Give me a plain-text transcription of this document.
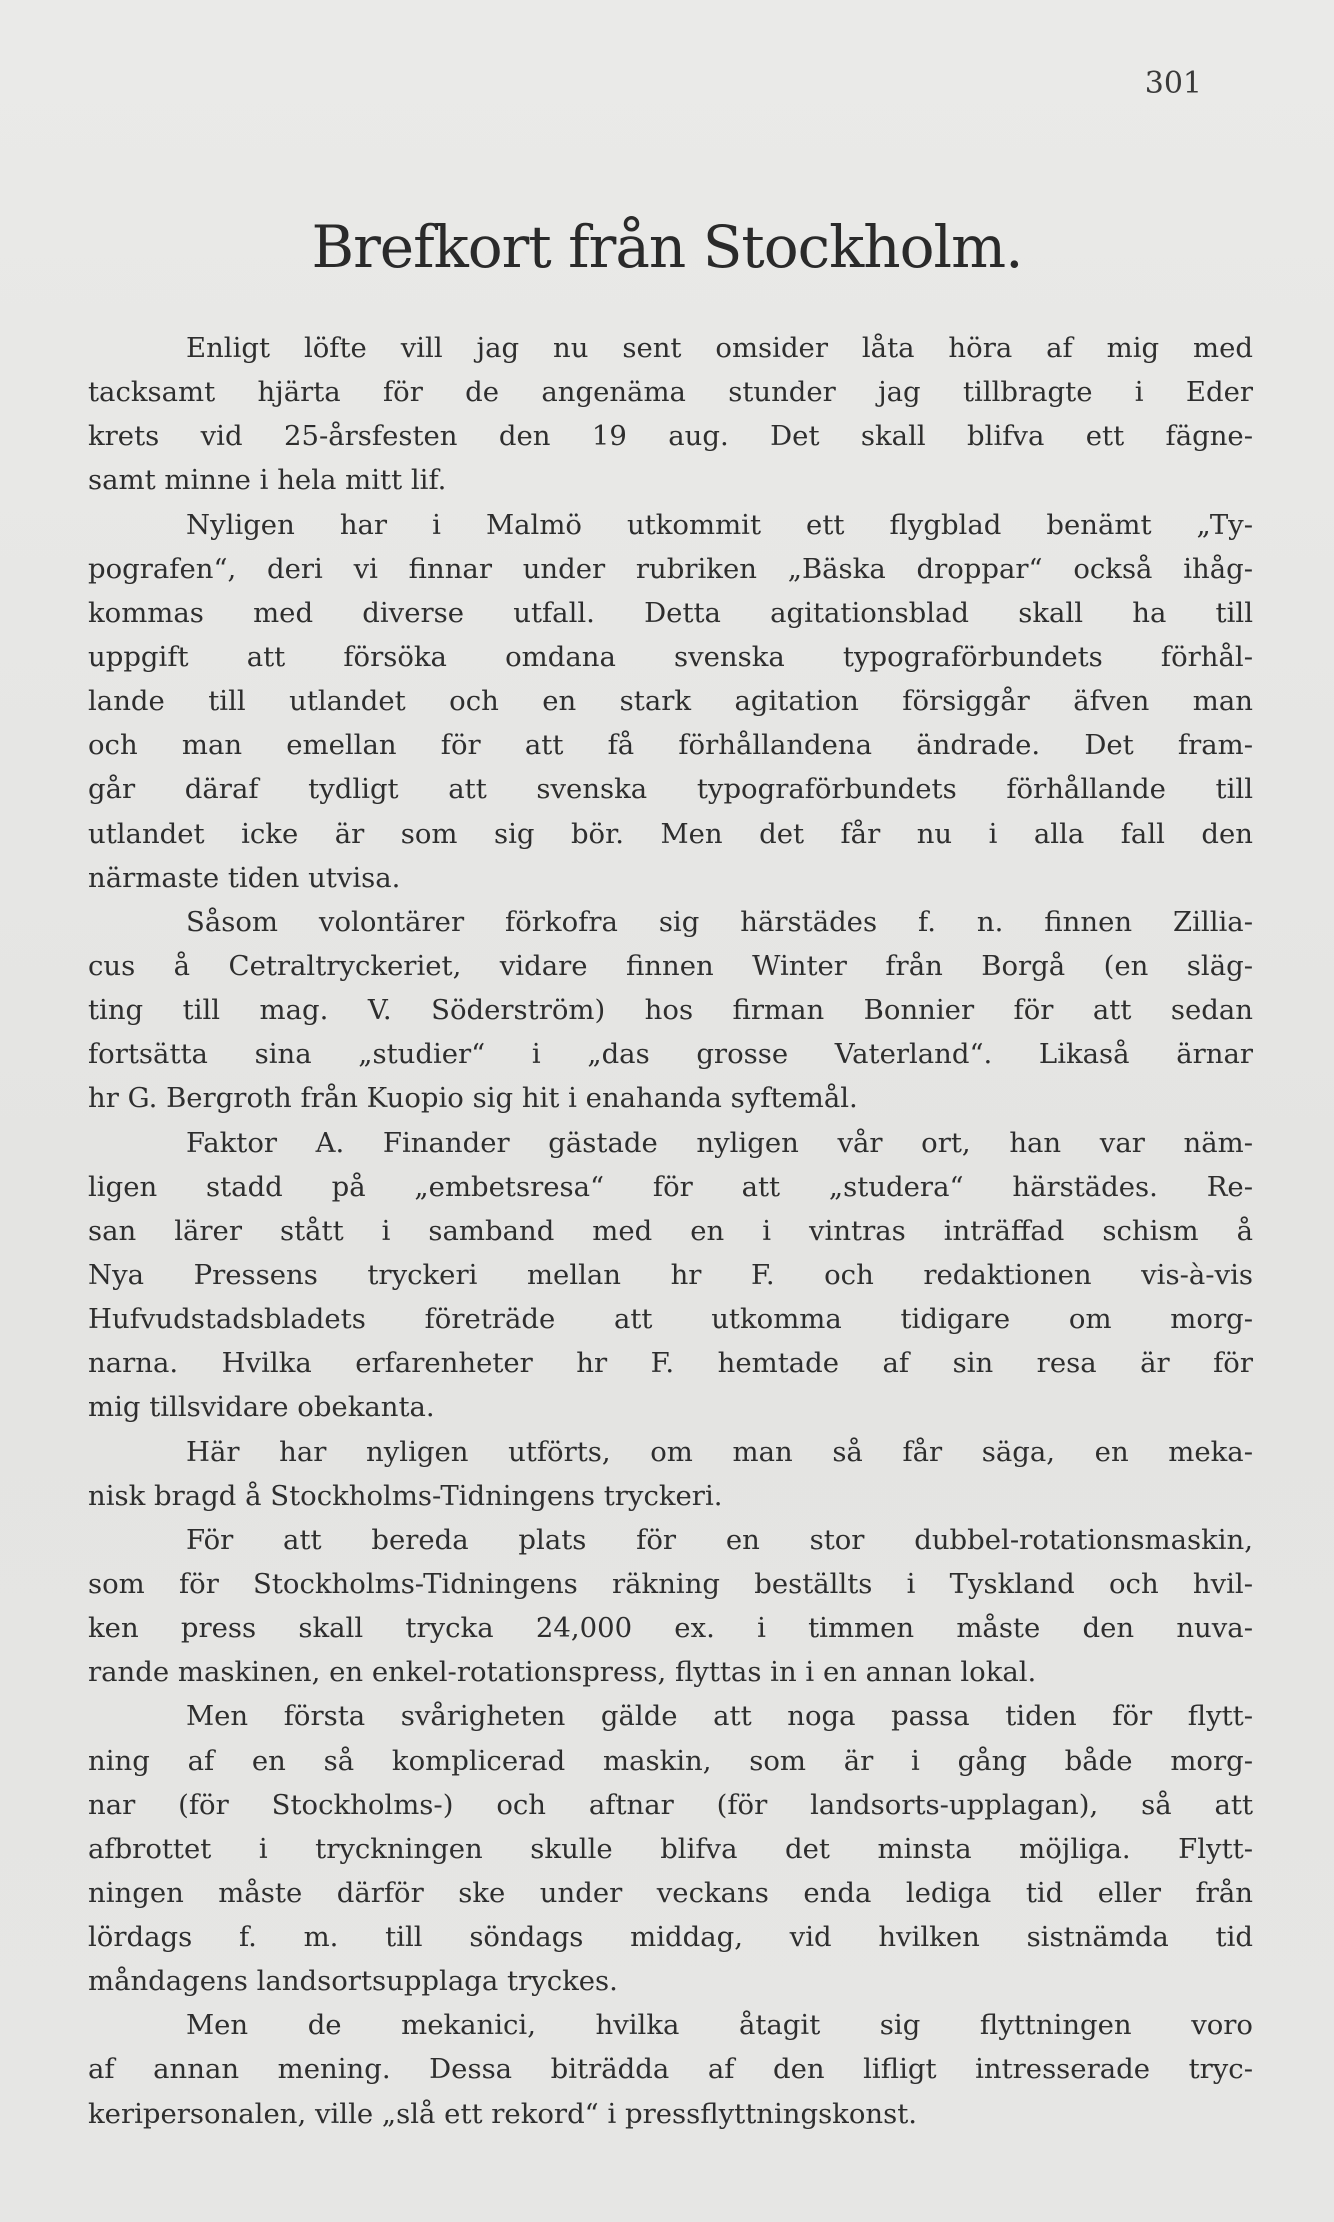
301
Brefkort från Stockholm.
Enligt löfte vill jag nu sent omsider låta höra af mig med
tacksamt hjärta för de angenäma stunder jag tillbragte i Eder
krets vid 25-årsfesten den 19 aug. Det skall blifva ett fägne-
samt minne i hela mitt lif.
Nyligen har i Malmö utkommit ett flygblad benämt „Ty-
pografen“, deri vi finnar under rubriken „Bäska droppar“ också ihåg-
kommas med diverse utfall. Detta agitationsblad skall ha till
uppgift att försöka omdana svenska typograförbundets förhål-
lande till utlandet och en stark agitation försiggår äfven man
och man emellan för att få förhållandena ändrade. Det fram-
går däraf tydligt att svenska typograförbundets förhållande till
utlandet icke är som sig bör. Men det får nu i alla fall den
närmaste tiden utvisa.
Såsom volontärer förkofra sig härstädes f. n. finnen Zillia-
cus å Cetraltryckeriet, vidare finnen Winter från Borgå (en släg-
ting till mag. V. Söderström) hos firman Bonnier för att sedan
fortsätta sina „studier“ i „das grosse Vaterland“. Likaså ärnar
hr G. Bergroth från Kuopio sig hit i enahanda syftemål.
Faktor A. Finander gästade nyligen vår ort, han var näm-
ligen stadd på „embetsresa“ för att „studera“ härstädes. Re-
san lärer stått i samband med en i vintras inträffad schism å
Nya Pressens tryckeri mellan hr F. och redaktionen vis-à-vis
Hufvudstadsbladets företräde att utkomma tidigare om morg-
narna. Hvilka erfarenheter hr F. hemtade af sin resa är för
mig tillsvidare obekanta.
Här har nyligen utförts, om man så får säga, en meka-
nisk bragd å Stockholms-Tidningens tryckeri.
För att bereda plats för en stor dubbel-rotationsmaskin,
som för Stockholms-Tidningens räkning beställts i Tyskland och hvil-
ken press skall trycka 24,000 ex. i timmen måste den nuva-
rande maskinen, en enkel-rotationspress, flyttas in i en annan lokal.
Men första svårigheten gälde att noga passa tiden för flytt-
ning af en så komplicerad maskin, som är i gång både morg-
nar (för Stockholms-) och aftnar (för landsorts-upplagan), så att
afbrottet i tryckningen skulle blifva det minsta möjliga. Flytt-
ningen måste därför ske under veckans enda lediga tid eller från
lördags f. m. till söndags middag, vid hvilken sistnämda tid
måndagens landsortsupplaga tryckes.
Men de mekanici, hvilka åtagit sig flyttningen voro
af annan mening. Dessa biträdda af den lifligt intresserade tryc-
keripersonalen, ville „slå ett rekord“ i pressflyttningskonst.
